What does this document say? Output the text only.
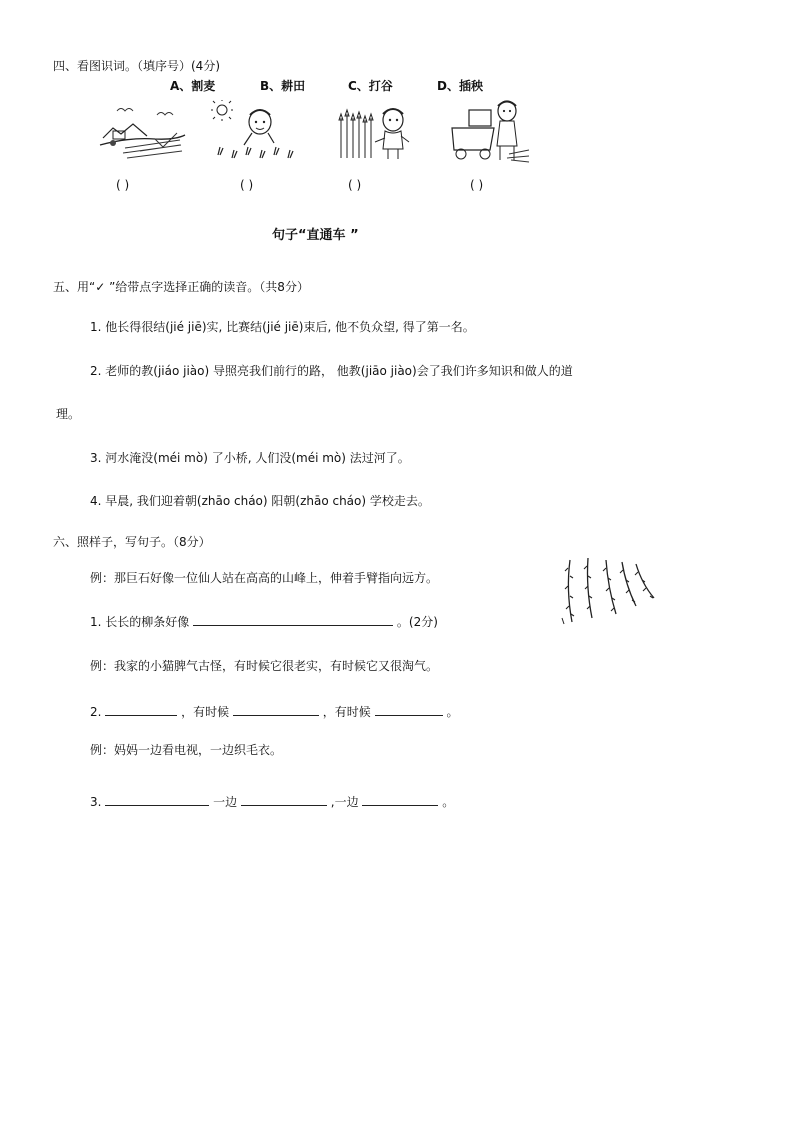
四、看图识词。（填序号）(4分)
A、割麦	B、耕田	C、打谷	D、插秧
( )	( )	( )	( )
句子“直通车 ”
五、用“✓ ”给带点字选择正确的读音。（共8分）
1. 他长得很结(jié jiē)实, 比赛结(jié jiē)束后, 他不负众望, 得了第一名。
2. 老师的教(jiáo jiào) 导照亮我们前行的路， 他教(jiāo jiào)会了我们许多知识和做人的道
理。
3. 河水淹没(méi mò) 了小桥, 人们没(méi mò) 法过河了。
4. 早晨, 我们迎着朝(zhāo cháo) 阳朝(zhāo cháo) 学校走去。
六、照样子，写句子。（8分）
例：那巨石好像一位仙人站在高高的山峰上，伸着手臂指向远方。
1. 长长的柳条好像	。(2分)
例：我家的小猫脾气古怪，有时候它很老实，有时候它又很淘气。
2.	，有时候	，有时候	。
例：妈妈一边看电视，一边织毛衣。
3.	一边	,一边	。
